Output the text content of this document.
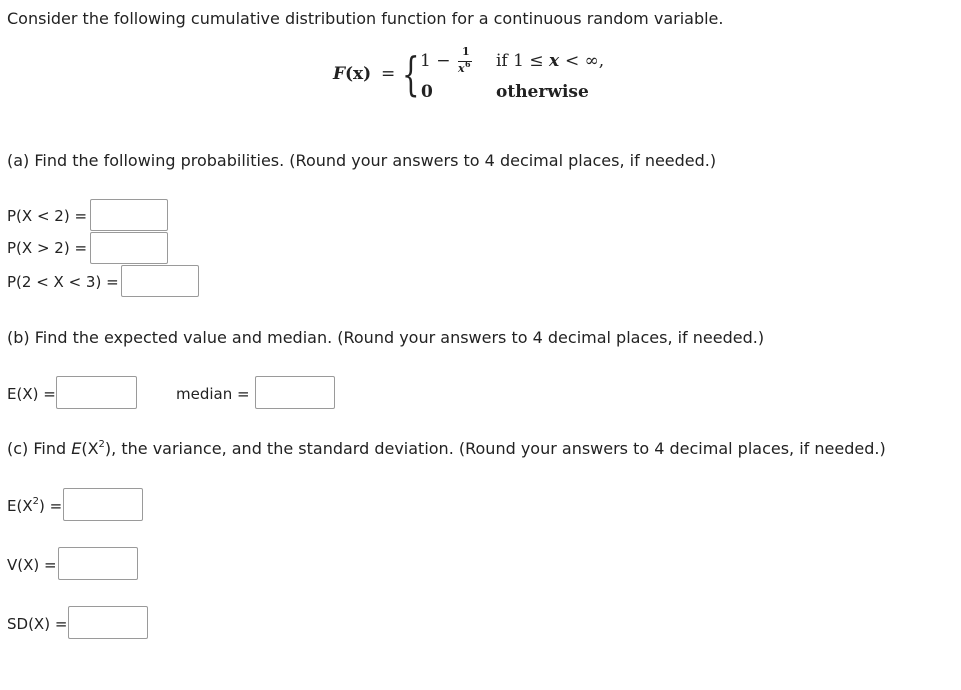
Consider the following cumulative distribution function for a continuous random variable.
F (x) = { 1 − 1
x 6 if 1 ≤ x < ∞,
0	otherwise
(a) Find the following probabilities. (Round your answers to 4 decimal places, if needed.)
P(X < 2) =
P(X > 2) =
P(2 < X < 3) =
(b) Find the expected value and median. (Round your answers to 4 decimal places, if needed.)
E(X) =	median =
(c) Find $E(X^2)$, the variance, and the standard deviation. (Round your answers to 4 decimal places, if needed.)
$E(X^2)$ =
V(X) =
SD(X) =
